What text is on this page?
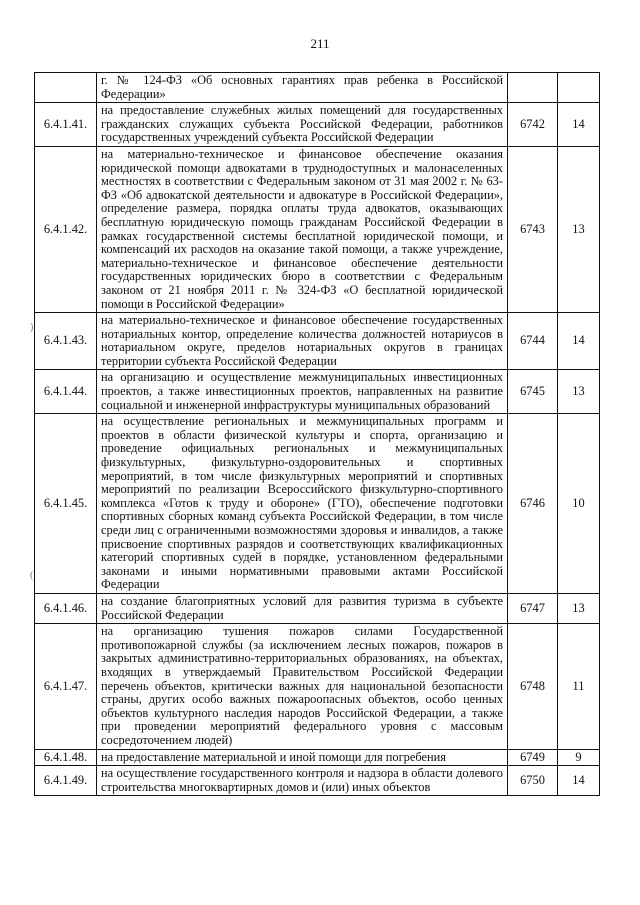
211
)
(
	г. № 124-ФЗ «Об основных гарантиях прав ребенка в Российской Федерации»		
6.4.1.41.	на предоставление служебных жилых помещений для государственных гражданских служащих субъекта Российской Федерации, работников государственных учреждений субъекта Российской Федерации	6742	14
6.4.1.42.	на материально-техническое и финансовое обеспечение оказания юридической помощи адвокатами в труднодоступных и малонаселенных местностях в соответствии с Федеральным законом от 31 мая 2002 г. № 63-ФЗ «Об адвокатской деятельности и адвокатуре в Российской Федерации», определение размера, порядка оплаты труда адвокатов, оказывающих бесплатную юридическую помощь гражданам Российской Федерации в рамках государственной системы бесплатной юридической помощи, и компенсаций их расходов на оказание такой помощи, а также учреждение, материально-техническое и финансовое обеспечение деятельности государственных юридических бюро в соответствии с Федеральным законом от 21 ноября 2011 г. № 324-ФЗ «О бесплатной юридической помощи в Российской Федерации»	6743	13
6.4.1.43.	на материально-техническое и финансовое обеспечение государственных нотариальных контор, определение количества должностей нотариусов в нотариальном округе, пределов нотариальных округов в границах территории субъекта Российской Федерации	6744	14
6.4.1.44.	на организацию и осуществление межмуниципальных инвестиционных проектов, а также инвестиционных проектов, направленных на развитие социальной и инженерной инфраструктуры муниципальных образований	6745	13
6.4.1.45.	на осуществление региональных и межмуниципальных программ и проектов в области физической культуры и спорта, организацию и проведение официальных региональных и межмуниципальных физкультурных, физкультурно-оздоровительных и спортивных мероприятий, в том числе физкультурных мероприятий и спортивных мероприятий по реализации Всероссийского физкультурно-спортивного комплекса «Готов к труду и обороне» (ГТО), обеспечение подготовки спортивных сборных команд субъекта Российской Федерации, в том числе среди лиц с ограниченными возможностями здоровья и инвалидов, а также присвоение спортивных разрядов и соответствующих квалификационных категорий спортивных судей в порядке, установленном федеральными законами и иными нормативными правовыми актами Российской Федерации	6746	10
6.4.1.46.	на создание благоприятных условий для развития туризма в субъекте Российской Федерации	6747	13
6.4.1.47.	на организацию тушения пожаров силами Государственной противопожарной службы (за исключением лесных пожаров, пожаров в закрытых административно-территориальных образованиях, на объектах, входящих в утверждаемый Правительством Российской Федерации перечень объектов, критически важных для национальной безопасности страны, других особо важных пожароопасных объектов, особо ценных объектов культурного наследия народов Российской Федерации, а также при проведении мероприятий федерального уровня с массовым сосредоточением людей)	6748	11
6.4.1.48.	на предоставление материальной и иной помощи для погребения	6749	9
6.4.1.49.	на осуществление государственного контроля и надзора в области долевого строительства многоквартирных домов и (или) иных объектов	6750	14
